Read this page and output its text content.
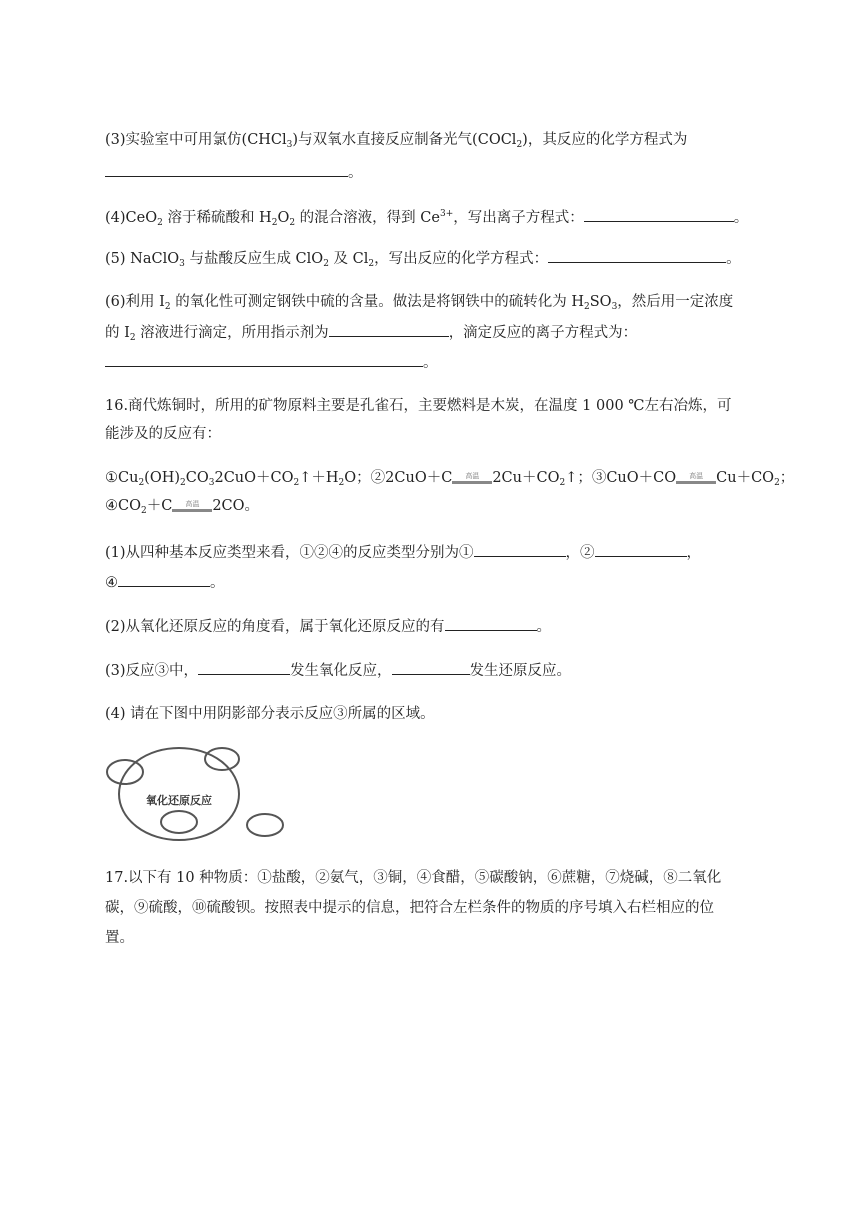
(3)实验室中可用氯仿(CHCl$_3$)与双氧水直接反应制备光气(COCl$_2$)，其反应的化学方程式为
。
(4)CeO$_2$ 溶于稀硫酸和 $H_2O_2$ 的混合溶液，得到 $Ce^{3+}$，写出离子方程式：	。
(5) NaClO$_3$ 与盐酸反应生成 ClO$_2$ 及 $Cl_2$，写出反应的化学方程式：	。
(6)利用 $I_2$ 的氧化性可测定钢铁中硫的含量。做法是将钢铁中的硫转化为 $H_2SO_3$，然后用一定浓度
的 $I_2$ 溶液进行滴定，所用指示剂为	，滴定反应的离子方程式为：
。
16.商代炼铜时，所用的矿物原料主要是孔雀石，主要燃料是木炭，在温度 1 000 ℃左右冶炼，可
能涉及的反应有：
$①Cu_2(OH)_2CO_32CuO+CO_2↑+H_2O$；②2CuO＋C	高温 $2Cu+CO_2↑$；③CuO＋CO	高温 $Cu+CO_2$；
$④CO_2+C$	高温 2CO。
(1)从四种基本反应类型来看，①②④的反应类型分别为①	，②	，
④	。
(2)从氧化还原反应的角度看，属于氧化还原反应的有	。
(3)反应③中，	发生氧化反应，	发生还原反应。
(4) 请在下图中用阴影部分表示反应③所属的区域。
氧化还原反应
17.以下有 10 种物质：①盐酸，②氨气，③铜，④食醋，⑤碳酸钠，⑥蔗糖，⑦烧碱，⑧二氧化
碳，⑨硫酸，⑩硫酸钡。按照表中提示的信息，把符合左栏条件的物质的序号填入右栏相应的位
置。
